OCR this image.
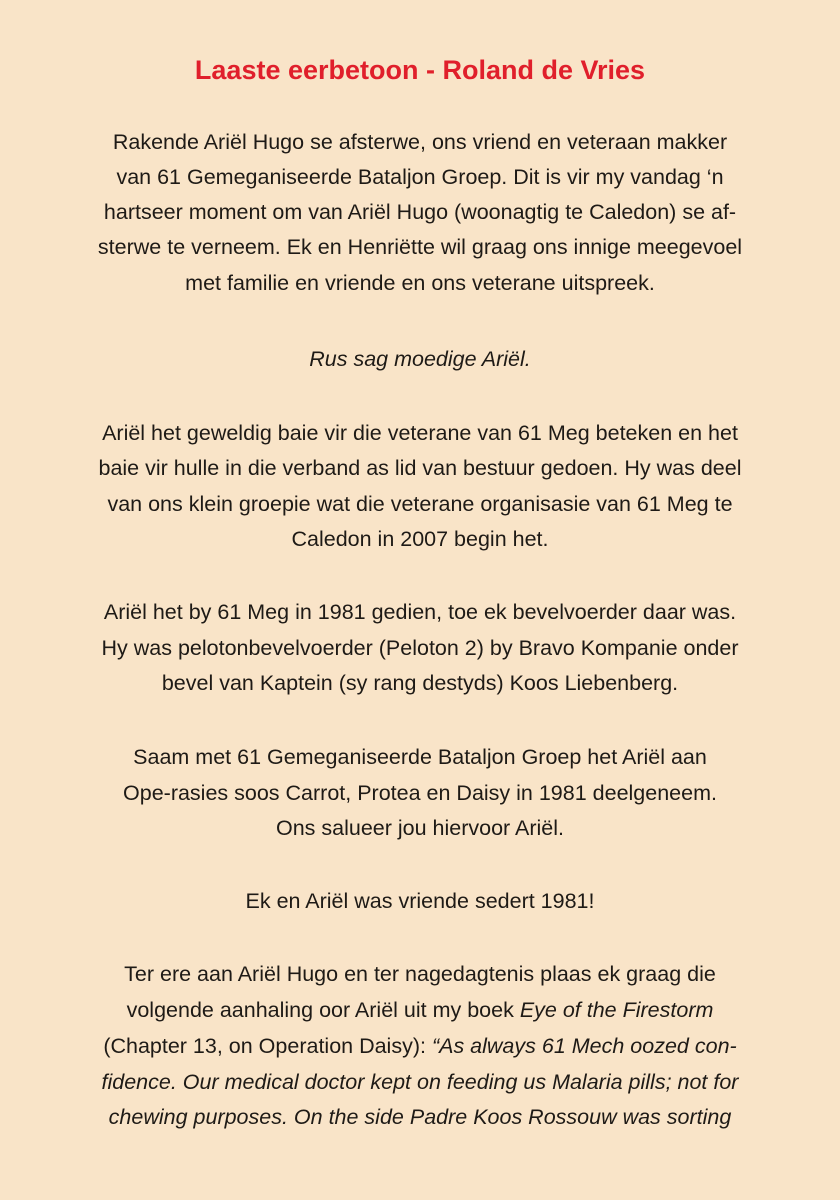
Laaste eerbetoon - Roland de Vries
Rakende Ariël Hugo se afsterwe, ons vriend en veteraan makker
van 61 Gemeganiseerde Bataljon Groep. Dit is vir my vandag ‘n
hartseer moment om van Ariël Hugo (woonagtig te Caledon) se af-
sterwe te verneem. Ek en Henriëtte wil graag ons innige meegevoel
met familie en vriende en ons veterane uitspreek.
Rus sag moedige Ariël.
Ariël het geweldig baie vir die veterane van 61 Meg beteken en het
baie vir hulle in die verband as lid van bestuur gedoen. Hy was deel
van ons klein groepie wat die veterane organisasie van 61 Meg te
Caledon in 2007 begin het.
Ariël het by 61 Meg in 1981 gedien, toe ek bevelvoerder daar was.
Hy was pelotonbevelvoerder (Peloton 2) by Bravo Kompanie onder
bevel van Kaptein (sy rang destyds) Koos Liebenberg.
Saam met 61 Gemeganiseerde Bataljon Groep het Ariël aan
Ope-rasies soos Carrot, Protea en Daisy in 1981 deelgeneem.
Ons salueer jou hiervoor Ariël.
Ek en Ariël was vriende sedert 1981!
Ter ere aan Ariël Hugo en ter nagedagtenis plaas ek graag die
volgende aanhaling oor Ariël uit my boek Eye of the Firestorm
(Chapter 13, on Operation Daisy): “As always 61 Mech oozed con-
fidence. Our medical doctor kept on feeding us Malaria pills; not for
chewing purposes. On the side Padre Koos Rossouw was sorting
